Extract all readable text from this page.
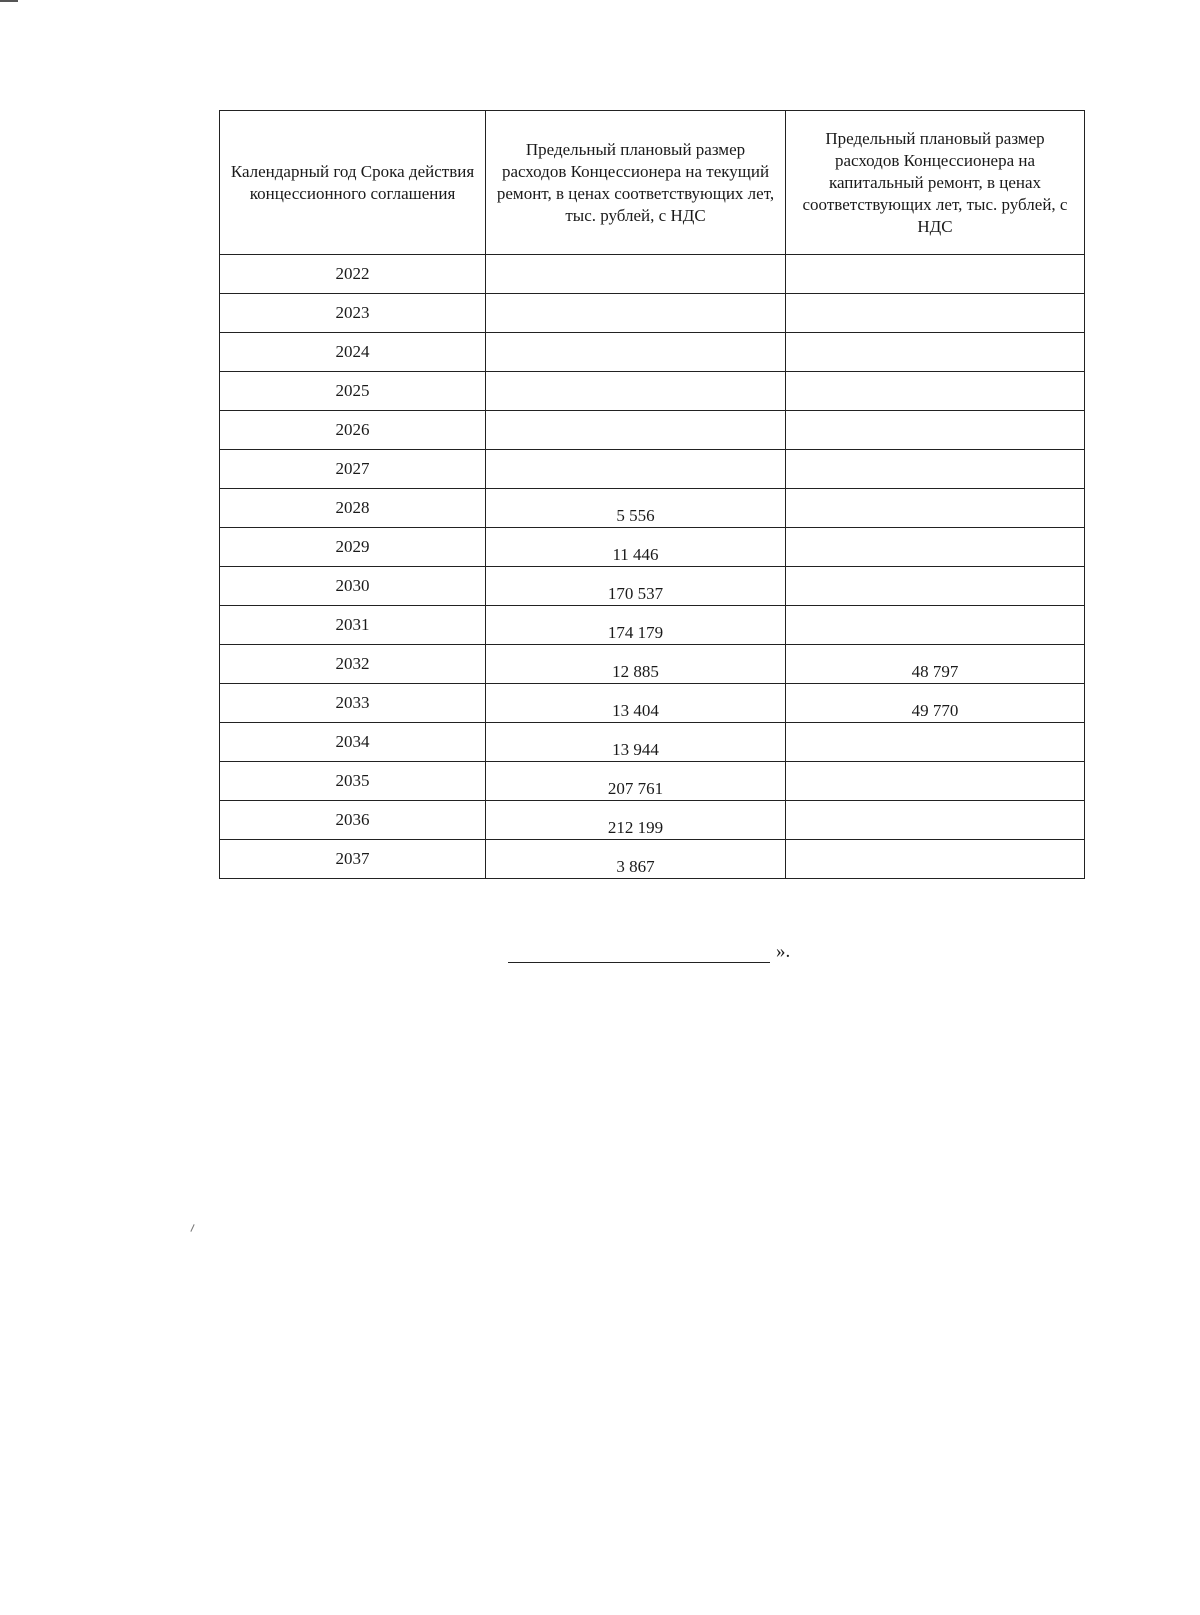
Календарный год Срока действия концессионного соглашения	Предельный плановый размер расходов Концессионера на текущий ремонт, в ценах соответствующих лет, тыс. рублей, с НДС	Предельный плановый размер расходов Концессионера на капитальный ремонт, в ценах соответствующих лет, тыс. рублей, с НДС
2022		
2023		
2024		
2025		
2026		
2027		
2028	5 556	
2029	11 446	
2030	170 537	
2031	174 179	
2032	12 885	48 797
2033	13 404	49 770
2034	13 944	
2035	207 761	
2036	212 199	
2037	3 867	
».
